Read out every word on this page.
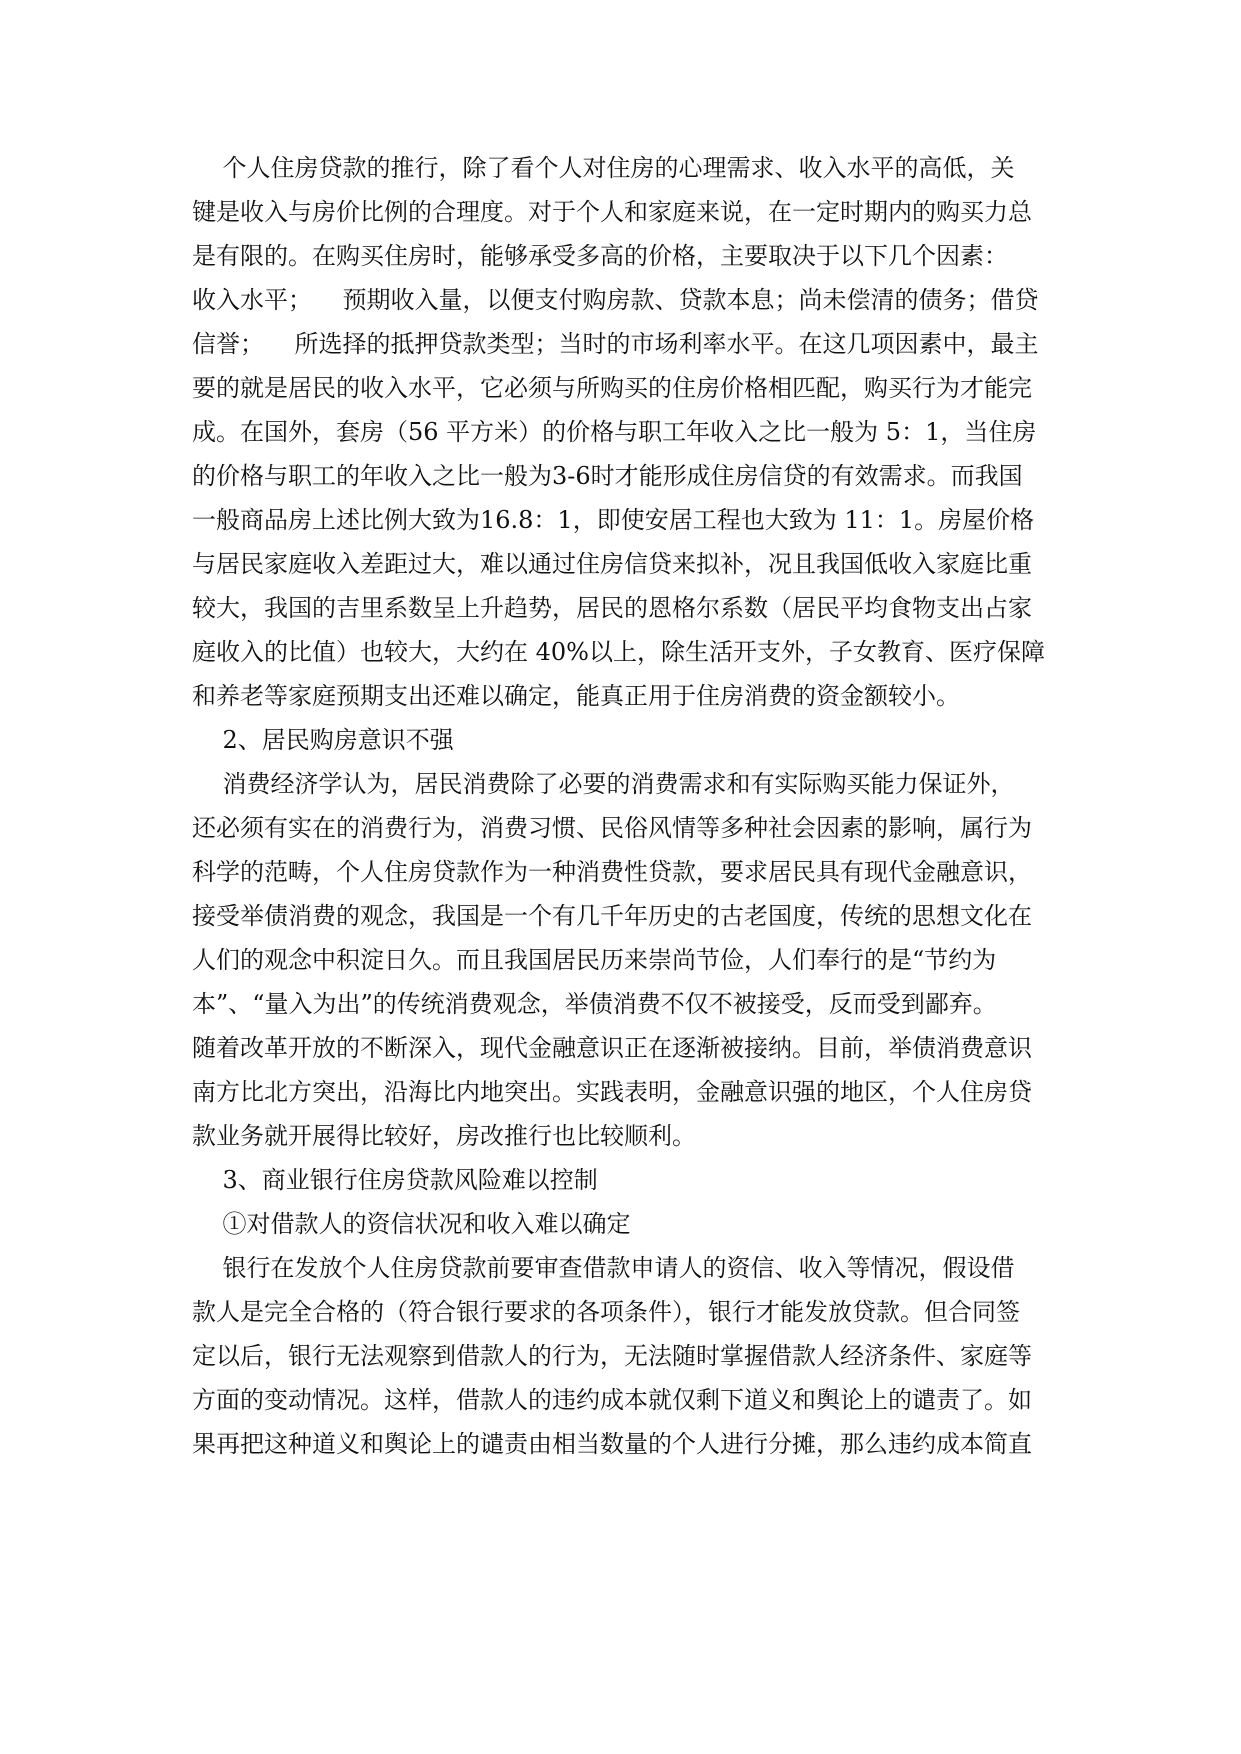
个人住房贷款的推行，除了看个人对住房的心理需求、收入水平的高低，关
键是收入与房价比例的合理度。对于个人和家庭来说，在一定时期内的购买力总
是有限的。在购买住房时，能够承受多高的价格，主要取决于以下几个因素：
收入水平；    预期收入量，以便支付购房款、贷款本息；尚未偿清的债务；借贷
信誉；    所选择的抵押贷款类型；当时的市场利率水平。在这几项因素中，最主
要的就是居民的收入水平，它必须与所购买的住房价格相匹配，购买行为才能完
成。在国外，套房（56 平方米）的价格与职工年收入之比一般为 5：1，当住房
的价格与职工的年收入之比一般为3-6时才能形成住房信贷的有效需求。而我国
一般商品房上述比例大致为16.8：1，即使安居工程也大致为 11：1。房屋价格
与居民家庭收入差距过大，难以通过住房信贷来拟补，况且我国低收入家庭比重
较大，我国的吉里系数呈上升趋势，居民的恩格尔系数（居民平均食物支出占家
庭收入的比值）也较大，大约在 40%以上，除生活开支外，子女教育、医疗保障
和养老等家庭预期支出还难以确定，能真正用于住房消费的资金额较小。
2、居民购房意识不强
消费经济学认为，居民消费除了必要的消费需求和有实际购买能力保证外，
还必须有实在的消费行为，消费习惯、民俗风情等多种社会因素的影响，属行为
科学的范畴，个人住房贷款作为一种消费性贷款，要求居民具有现代金融意识，
接受举债消费的观念，我国是一个有几千年历史的古老国度，传统的思想文化在
人们的观念中积淀日久。而且我国居民历来崇尚节俭，人们奉行的是“节约为
本”、“量入为出”的传统消费观念，举债消费不仅不被接受，反而受到鄙弃。
随着改革开放的不断深入，现代金融意识正在逐渐被接纳。目前，举债消费意识
南方比北方突出，沿海比内地突出。实践表明，金融意识强的地区，个人住房贷
款业务就开展得比较好，房改推行也比较顺利。
3、商业银行住房贷款风险难以控制
①对借款人的资信状况和收入难以确定
银行在发放个人住房贷款前要审查借款申请人的资信、收入等情况，假设借
款人是完全合格的（符合银行要求的各项条件），银行才能发放贷款。但合同签
定以后，银行无法观察到借款人的行为，无法随时掌握借款人经济条件、家庭等
方面的变动情况。这样，借款人的违约成本就仅剩下道义和舆论上的谴责了。如
果再把这种道义和舆论上的谴责由相当数量的个人进行分摊，那么违约成本简直
